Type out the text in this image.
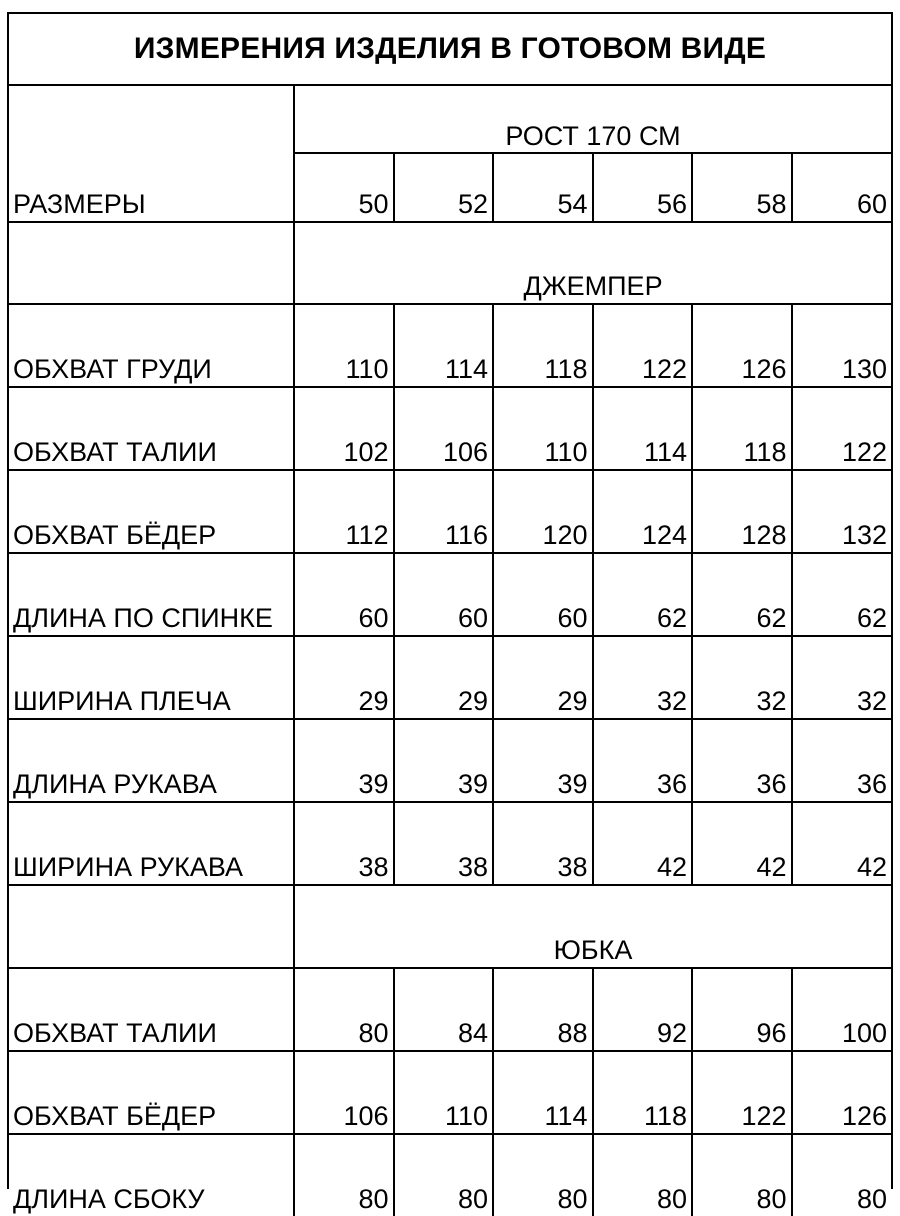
ИЗМЕРЕНИЯ ИЗДЕЛИЯ В ГОТОВОМ ВИДЕ
РАЗМЕРЫ	РОСТ 170 СМ					
	50	52	54	56	58	60
	ДЖЕМПЕР					
ОБХВАТ ГРУДИ	110	114	118	122	126	130
ОБХВАТ ТАЛИИ	102	106	110	114	118	122
ОБХВАТ БЁДЕР	112	116	120	124	128	132
ДЛИНА ПО СПИНКЕ	60	60	60	62	62	62
ШИРИНА ПЛЕЧА	29	29	29	32	32	32
ДЛИНА РУКАВА	39	39	39	36	36	36
ШИРИНА РУКАВА	38	38	38	42	42	42
	ЮБКА					
ОБХВАТ ТАЛИИ	80	84	88	92	96	100
ОБХВАТ БЁДЕР	106	110	114	118	122	126
ДЛИНА СБОКУ	80	80	80	80	80	80
